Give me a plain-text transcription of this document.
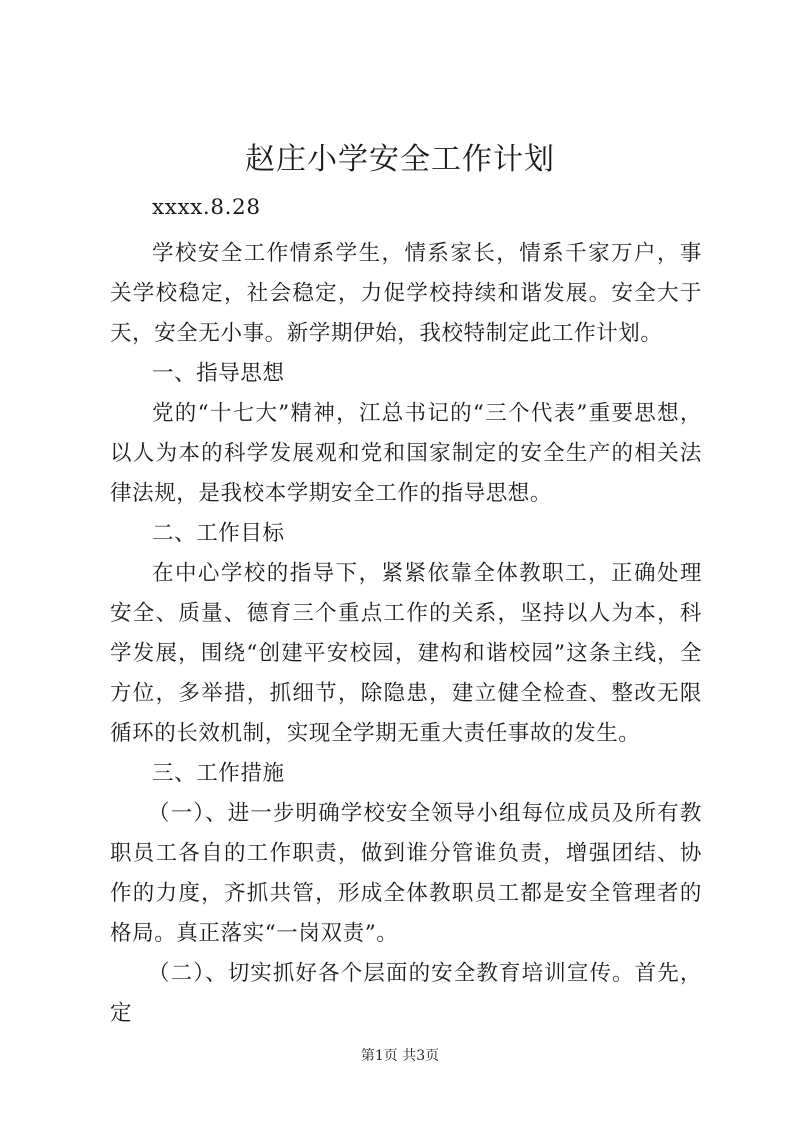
赵庄小学安全工作计划

xxxx.8.28

学校安全工作情系学生，情系家长，情系千家万户，事关学校稳定，社会稳定，力促学校持续和谐发展。安全大于天，安全无小事。新学期伊始，我校特制定此工作计划。

一、指导思想

党的“十七大”精神，江总书记的“三个代表”重要思想，以人为本的科学发展观和党和国家制定的安全生产的相关法律法规，是我校本学期安全工作的指导思想。

二、工作目标

在中心学校的指导下，紧紧依靠全体教职工，正确处理安全、质量、德育三个重点工作的关系，坚持以人为本，科学发展，围绕“创建平安校园，建构和谐校园”这条主线，全方位，多举措，抓细节，除隐患，建立健全检查、整改无限循环的长效机制，实现全学期无重大责任事故的发生。

三、工作措施

（一）、进一步明确学校安全领导小组每位成员及所有教职员工各自的工作职责，做到谁分管谁负责，增强团结、协作的力度，齐抓共管，形成全体教职员工都是安全管理者的格局。真正落实“一岗双责”。

（二）、切实抓好各个层面的安全教育培训宣传。首先，定

第1页 共3页
